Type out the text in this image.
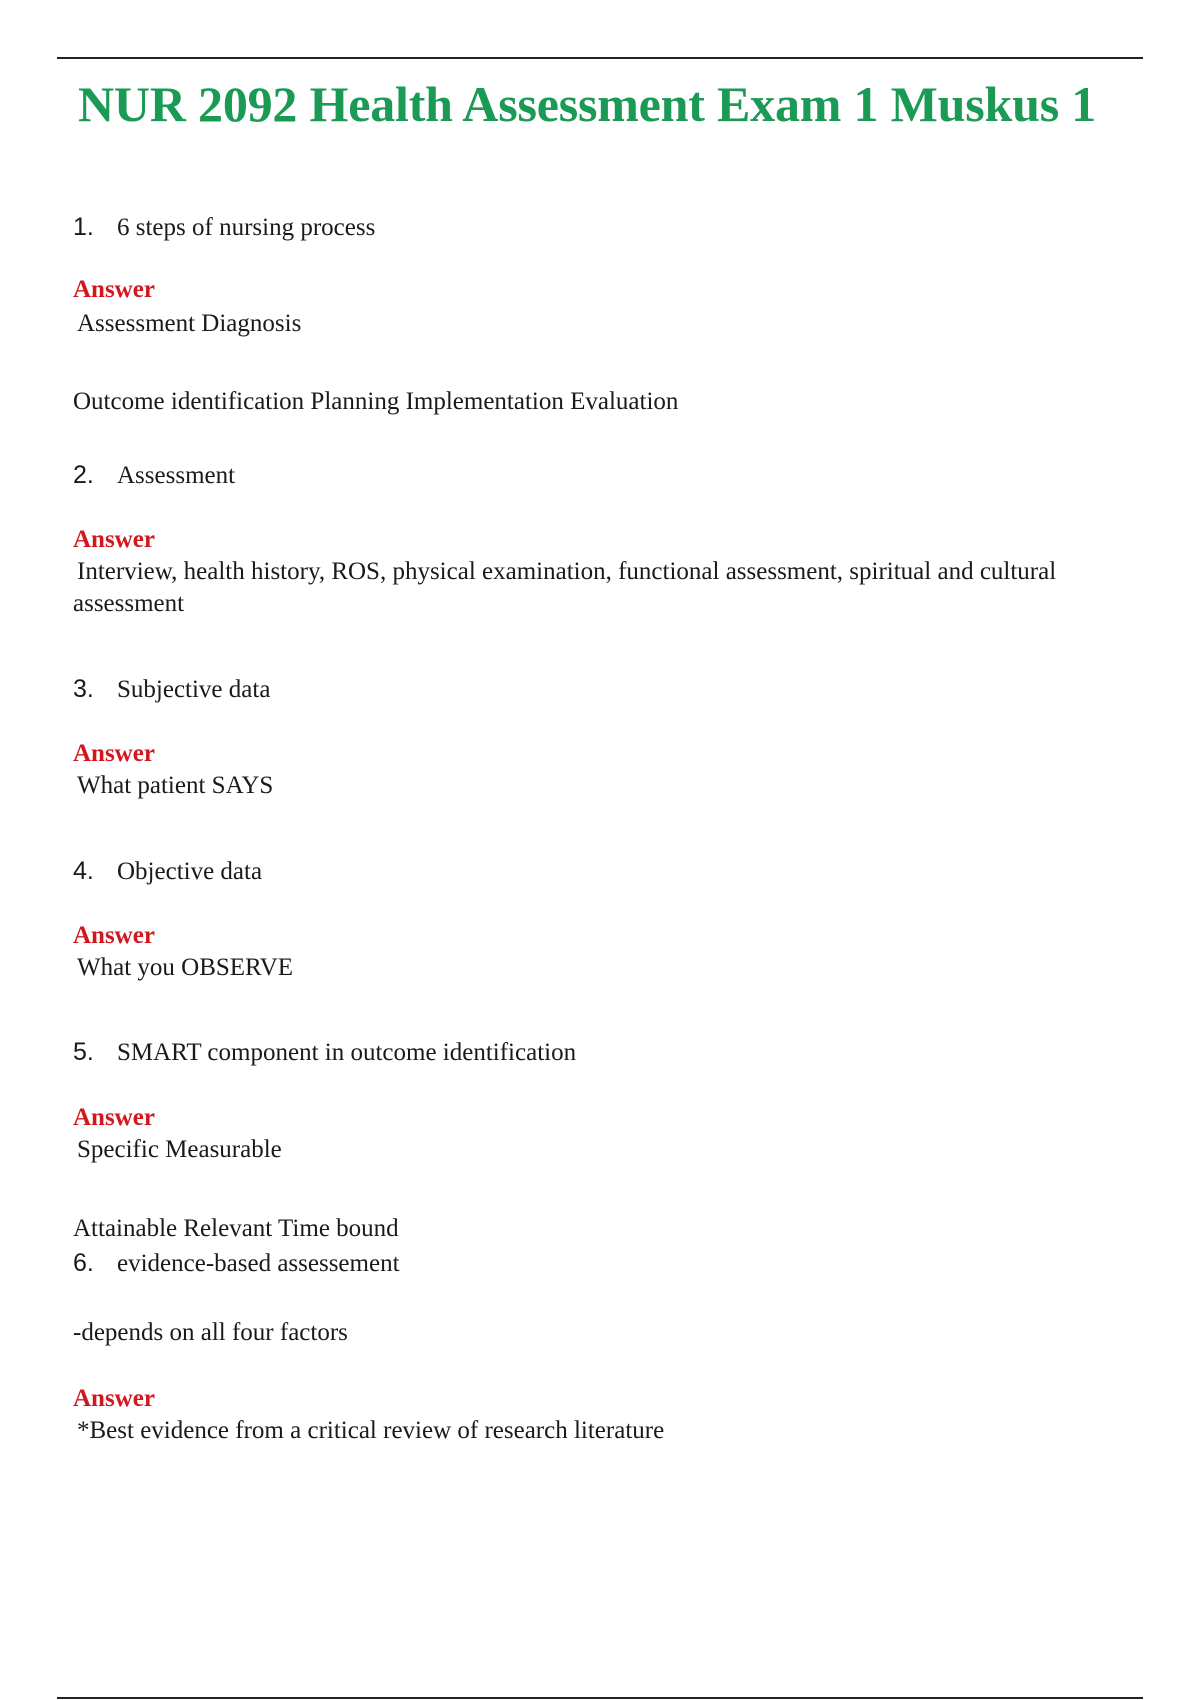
NUR 2092 Health Assessment Exam 1 Muskus 1
1. 6 steps of nursing process
Answer
Assessment Diagnosis
Outcome identification Planning Implementation Evaluation
2. Assessment
Answer
Interview, health history, ROS, physical examination, functional assessment, spiritual and cultural assessment
3. Subjective data
Answer
What patient SAYS
4. Objective data
Answer
What you OBSERVE
5. SMART component in outcome identification
Answer
Specific Measurable
Attainable Relevant Time bound
6. evidence-based assessement
-depends on all four factors
Answer
*Best evidence from a critical review of research literature
